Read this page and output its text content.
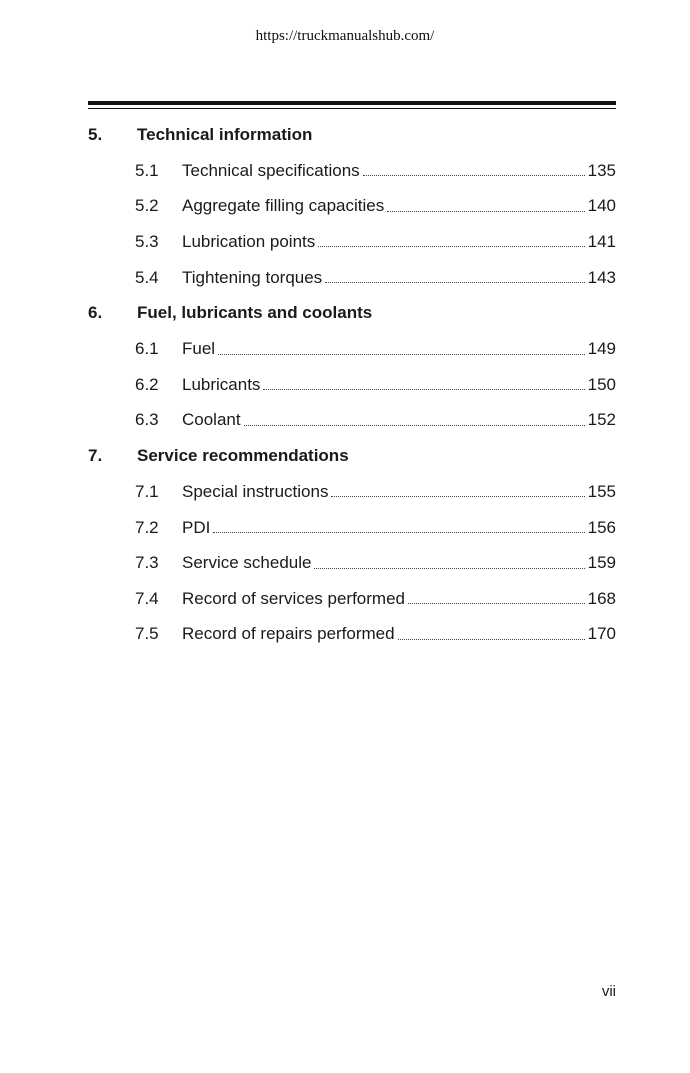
https://truckmanualshub.com/
5.	Technical information
5.1	Technical specifications	135
5.2	Aggregate filling capacities	140
5.3	Lubrication points	141
5.4	Tightening torques	143
6.	Fuel, lubricants and coolants
6.1	Fuel	149
6.2	Lubricants	150
6.3	Coolant	152
7.	Service recommendations
7.1	Special instructions	155
7.2	PDI	156
7.3	Service schedule	159
7.4	Record of services performed	168
7.5	Record of repairs performed	170
vii
